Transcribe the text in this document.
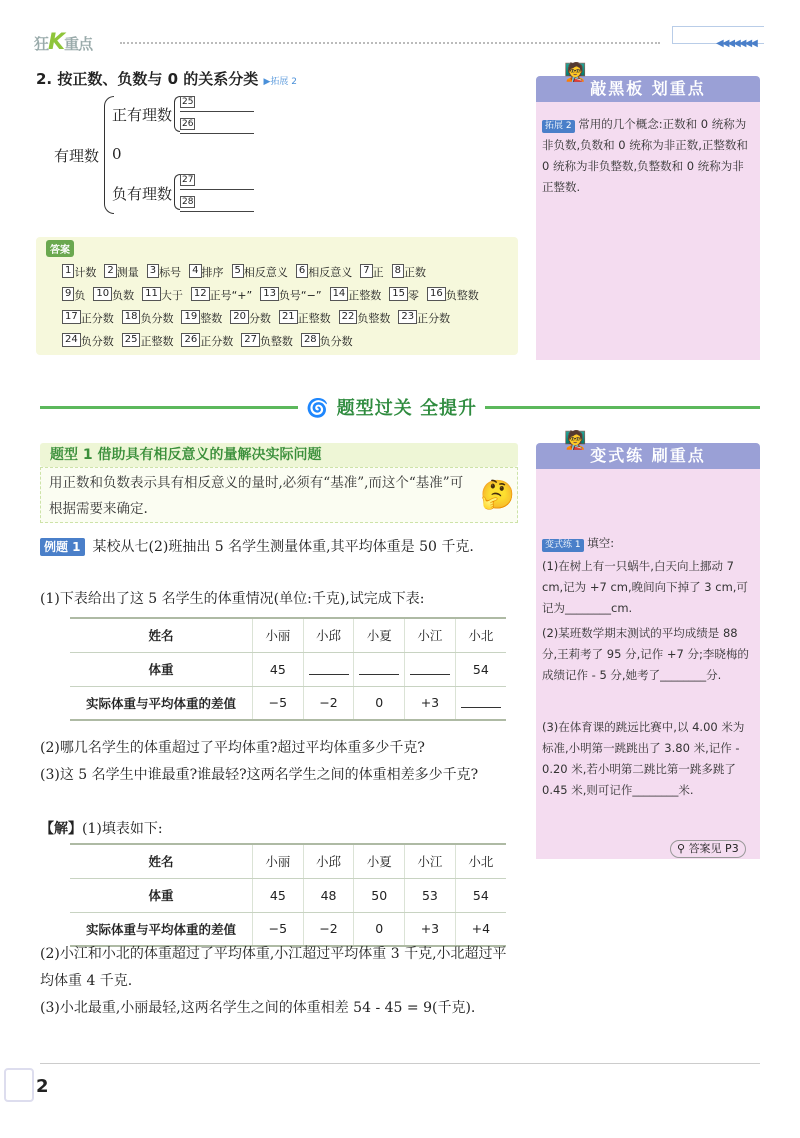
狂K重点	◀◀◀◀◀◀◀
2. 按正数、负数与 0 的关系分类 ▶拓展 2
有理数
正有理数
0
负有理数
25
26
27
28
答案
1 计数 2 测量 3 标号 4 排序 5 相反意义 6 相反意义 7 正 8 正数
9 负 10 负数 11 大于 12 正号“+” 13 负号“−” 14 正整数 15 零 16 负整数
17 正分数 18 负分数 19 整数 20 分数 21 正整数 22 负整数 23 正分数
24 负分数 25 正整数 26 正分数 27 负整数 28 负分数
敲黑板 划重点
🧑‍🏫
拓展 2 常用的几个概念:正数和 0 统称为非负数,负数和 0 统称为非正数,正整数和 0 统称为非负整数,负整数和 0 统称为非正整数.
🌀 题型过关 全提升
题型 1 借助具有相反意义的量解决实际问题
用正数和负数表示具有相反意义的量时,必须有“基准”,而这个“基准”可根据需要来确定.	🤔
例题 1 某校从七(2)班抽出 5 名学生测量体重,其平均体重是 50 千克.
(1)下表给出了这 5 名学生的体重情况(单位:千克),试完成下表:
姓名	小丽	小邱	小夏	小江	小北
体重	45				54
实际体重与平均体重的差值	−5	−2	0	+3	
(2)哪几名学生的体重超过了平均体重?超过平均体重多少千克?
(3)这 5 名学生中谁最重?谁最轻?这两名学生之间的体重相差多少千克?
【解】(1)填表如下:
姓名	小丽	小邱	小夏	小江	小北
体重	45	48	50	53	54
实际体重与平均体重的差值	−5	−2	0	+3	+4
(2)小江和小北的体重超过了平均体重,小江超过平均体重 3 千克,小北超过平均体重 4 千克.
(3)小北最重,小丽最轻,这两名学生之间的体重相差 54 - 45 = 9(千克).
变式练 刷重点
🧑‍🏫
变式练 1 填空:
(1)在树上有一只蜗牛,白天向上挪动 7 cm,记为 +7 cm,晚间向下掉了 3 cm,可记为________cm.
(2)某班数学期末测试的平均成绩是 88 分,王莉考了 95 分,记作 +7 分;李晓梅的成绩记作 - 5 分,她考了________分.
(3)在体育课的跳远比赛中,以 4.00 米为标准,小明第一跳跳出了 3.80 米,记作 - 0.20 米,若小明第二跳比第一跳多跳了 0.45 米,则可记作________米.
⚲ 答案见 P3
2
